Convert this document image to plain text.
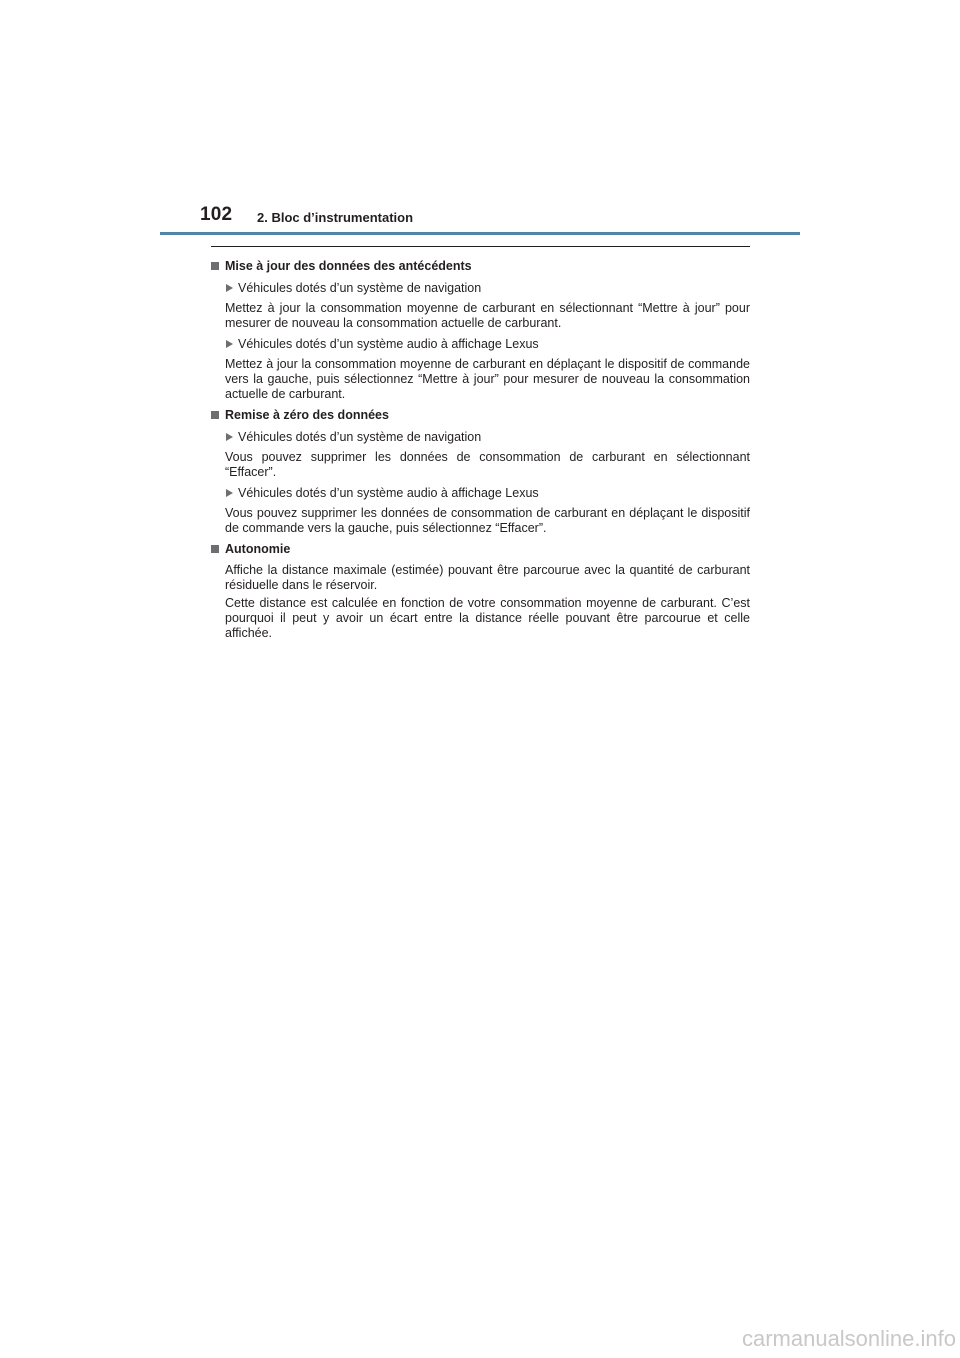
102 2. Bloc d’instrumentation
Mise à jour des données des antécédents
Véhicules dotés d’un système de navigation

Mettez à jour la consommation moyenne de carburant en sélectionnant “Mettre à jour” pour mesurer de nouveau la consommation actuelle de carburant.

Véhicules dotés d’un système audio à affichage Lexus

Mettez à jour la consommation moyenne de carburant en déplaçant le dispositif de commande vers la gauche, puis sélectionnez “Mettre à jour” pour mesurer de nouveau la consommation actuelle de carburant.

Remise à zéro des données
Véhicules dotés d’un système de navigation

Vous pouvez supprimer les données de consommation de carburant en sélectionnant “Effacer”.

Véhicules dotés d’un système audio à affichage Lexus

Vous pouvez supprimer les données de consommation de carburant en déplaçant le dispositif de commande vers la gauche, puis sélectionnez “Effacer”.

Autonomie

Affiche la distance maximale (estimée) pouvant être parcourue avec la quantité de carburant résiduelle dans le réservoir.

Cette distance est calculée en fonction de votre consommation moyenne de carburant. C’est pourquoi il peut y avoir un écart entre la distance réelle pouvant être parcourue et celle affichée.

carmanualsonline.info
